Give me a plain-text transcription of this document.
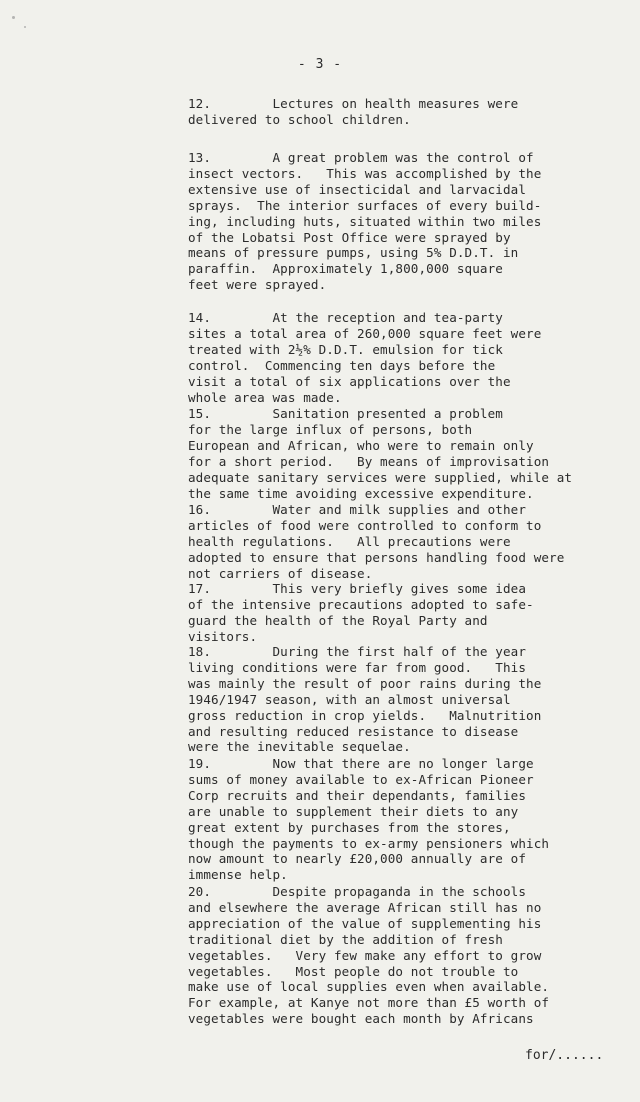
- 3 -
12.        Lectures on health measures were
delivered to school children.
13.        A great problem was the control of
insect vectors.   This was accomplished by the
extensive use of insecticidal and larvacidal
sprays.  The interior surfaces of every build-
ing, including huts, situated within two miles
of the Lobatsi Post Office were sprayed by
means of pressure pumps, using 5% D.D.T. in
paraffin.  Approximately 1,800,000 square
feet were sprayed.
14.        At the reception and tea-party
sites a total area of 260,000 square feet were
treated with 2½% D.D.T. emulsion for tick
control.  Commencing ten days before the
visit a total of six applications over the
whole area was made.
15.        Sanitation presented a problem
for the large influx of persons, both
European and African, who were to remain only
for a short period.   By means of improvisation
adequate sanitary services were supplied, while at
the same time avoiding excessive expenditure.
16.        Water and milk supplies and other
articles of food were controlled to conform to
health regulations.   All precautions were
adopted to ensure that persons handling food were
not carriers of disease.
17.        This very briefly gives some idea
of the intensive precautions adopted to safe-
guard the health of the Royal Party and
visitors.
18.        During the first half of the year
living conditions were far from good.   This
was mainly the result of poor rains during the
1946/1947 season, with an almost universal
gross reduction in crop yields.   Malnutrition
and resulting reduced resistance to disease
were the inevitable sequelae.
19.        Now that there are no longer large
sums of money available to ex-African Pioneer
Corp recruits and their dependants, families
are unable to supplement their diets to any
great extent by purchases from the stores,
though the payments to ex-army pensioners which
now amount to nearly £20,000 annually are of
immense help.
20.        Despite propaganda in the schools
and elsewhere the average African still has no
appreciation of the value of supplementing his
traditional diet by the addition of fresh
vegetables.   Very few make any effort to grow
vegetables.   Most people do not trouble to
make use of local supplies even when available.
For example, at Kanye not more than £5 worth of
vegetables were bought each month by Africans
for/......
